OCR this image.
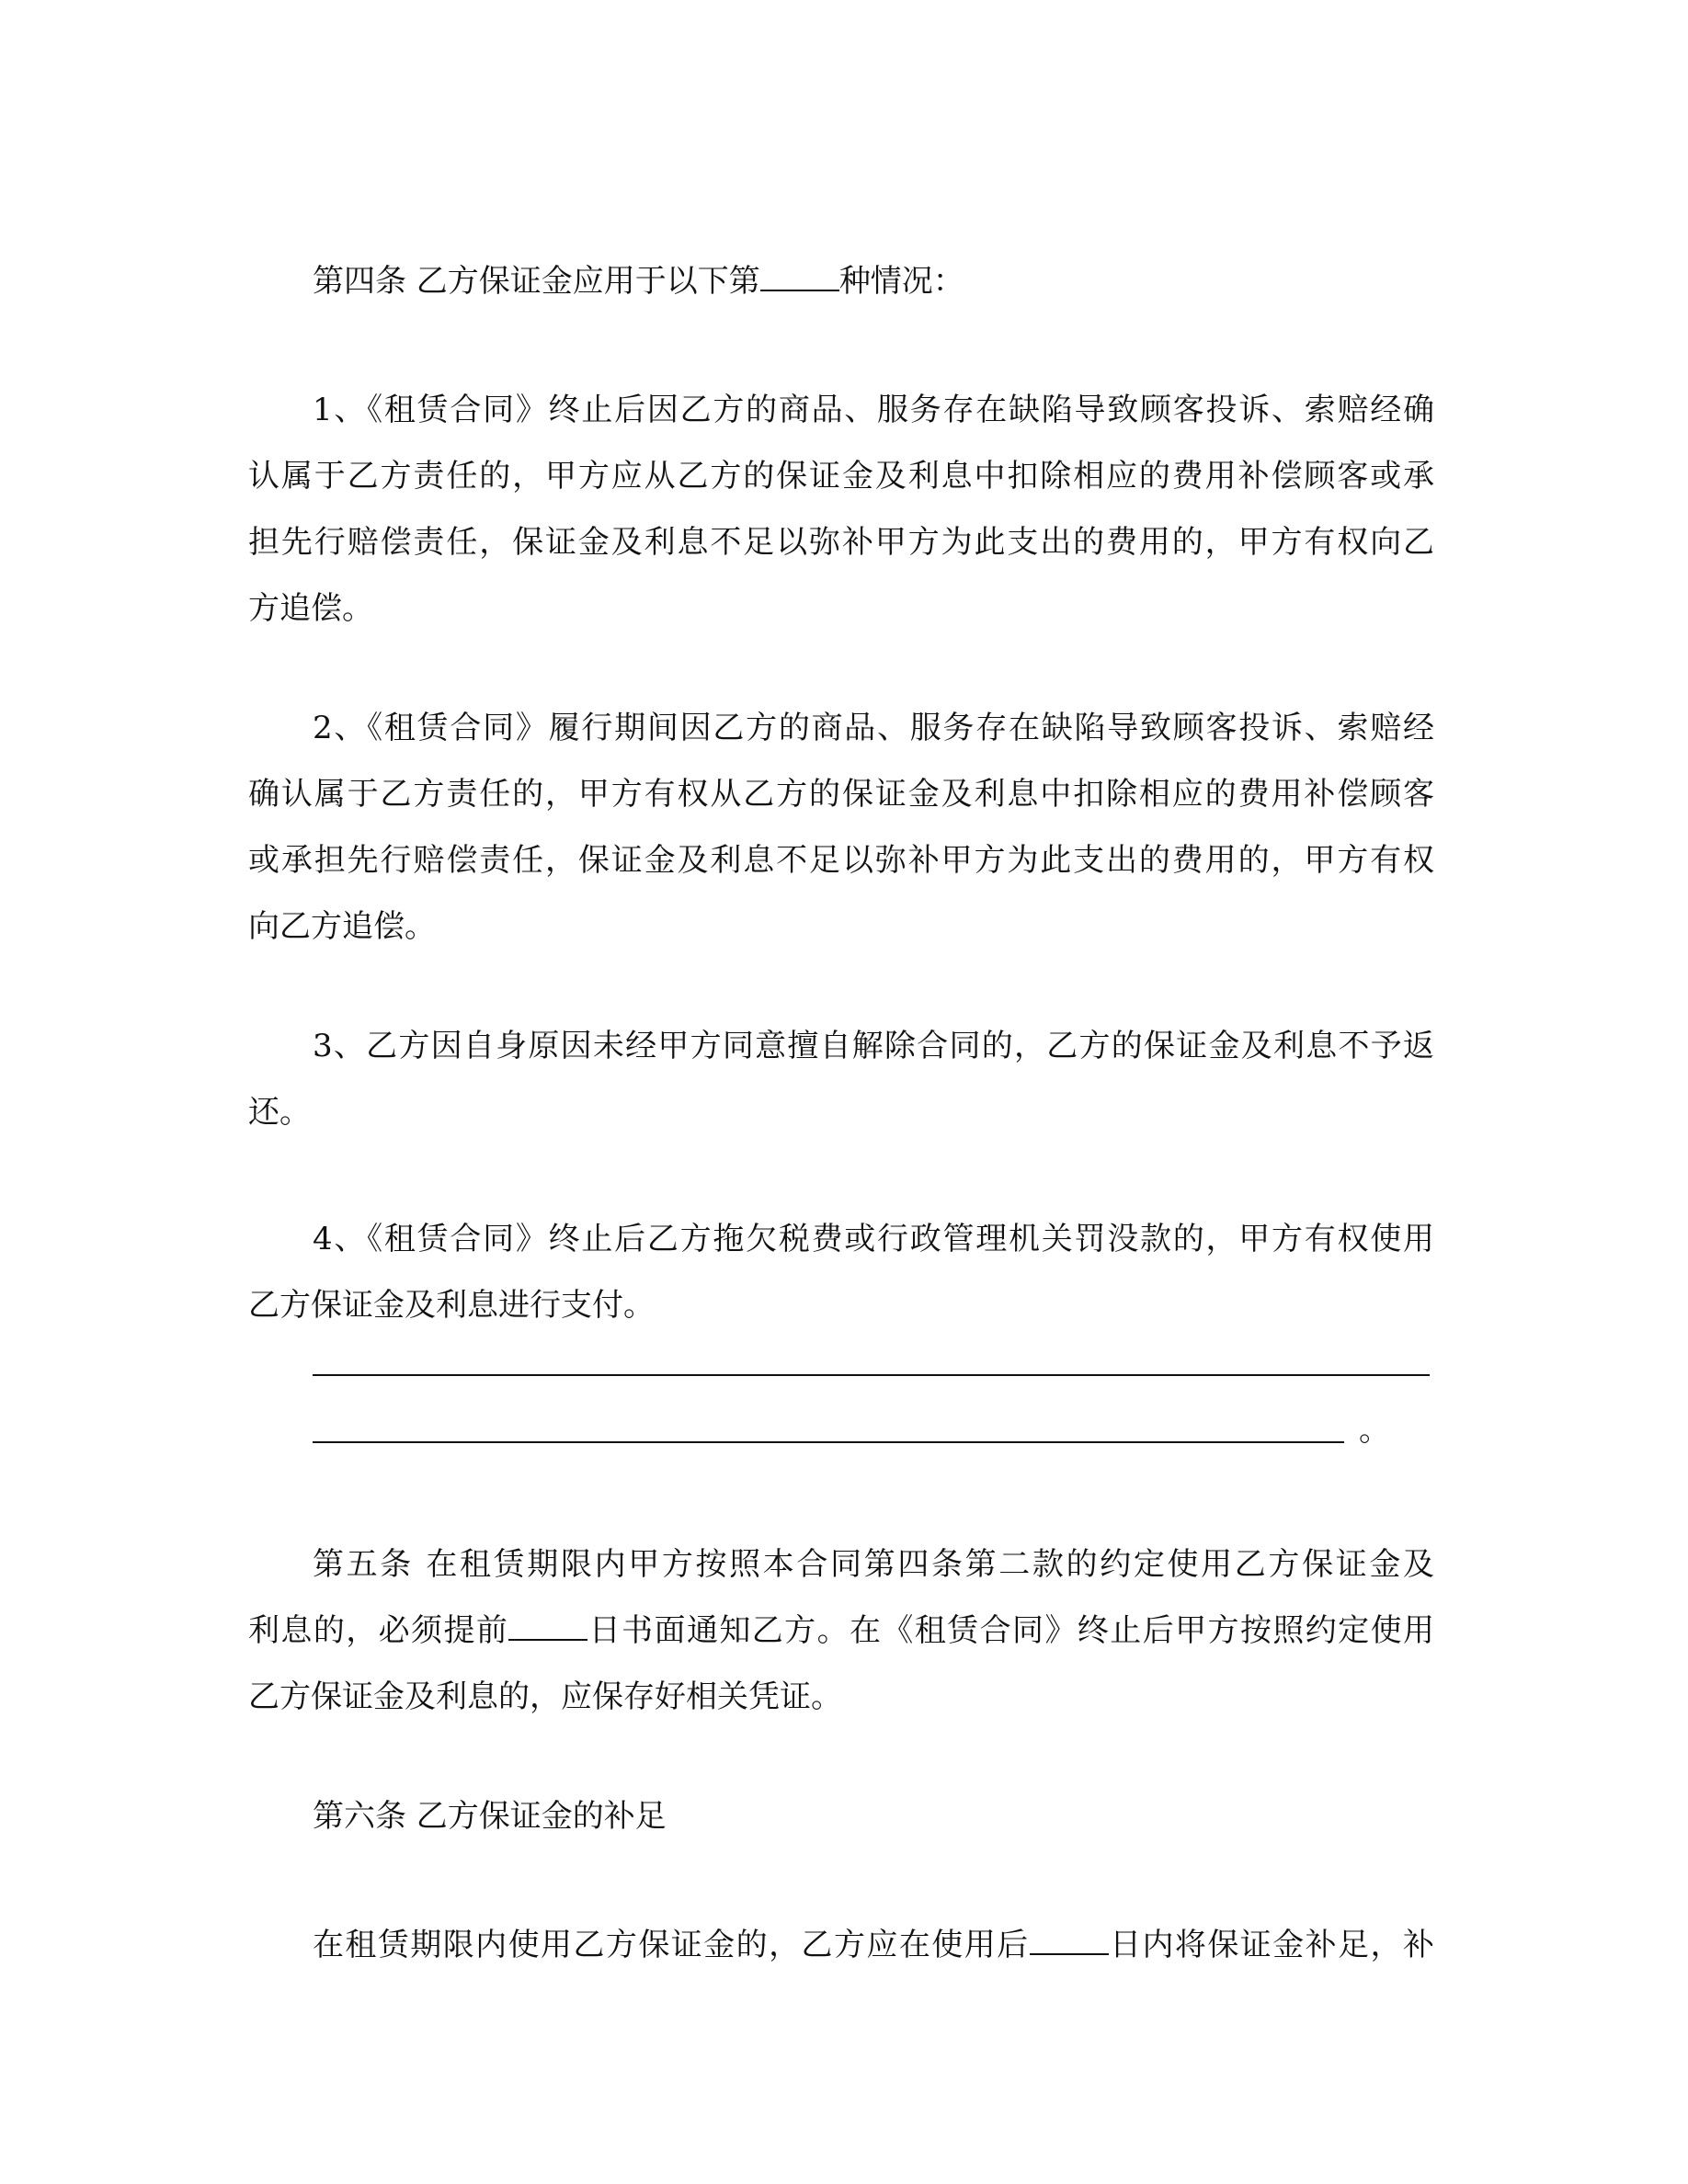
第四条 乙方保证金应用于以下第	种情况：
1、《租赁合同》终止后因乙方的商品、服务存在缺陷导致顾客投诉、索赔经确
认属于乙方责任的，甲方应从乙方的保证金及利息中扣除相应的费用补偿顾客或承
担先行赔偿责任，保证金及利息不足以弥补甲方为此支出的费用的，甲方有权向乙
方追偿。
2、《租赁合同》履行期间因乙方的商品、服务存在缺陷导致顾客投诉、索赔经
确认属于乙方责任的，甲方有权从乙方的保证金及利息中扣除相应的费用补偿顾客
或承担先行赔偿责任，保证金及利息不足以弥补甲方为此支出的费用的，甲方有权
向乙方追偿。
3、乙方因自身原因未经甲方同意擅自解除合同的，乙方的保证金及利息不予返
还。
4、《租赁合同》终止后乙方拖欠税费或行政管理机关罚没款的，甲方有权使用
乙方保证金及利息进行支付。
。
第五条 在租赁期限内甲方按照本合同第四条第二款的约定使用乙方保证金及
利息的，必须提前	日书面通知乙方。在《租赁合同》终止后甲方按照约定使用
乙方保证金及利息的，应保存好相关凭证。
第六条 乙方保证金的补足
在租赁期限内使用乙方保证金的，乙方应在使用后	日内将保证金补足，补
